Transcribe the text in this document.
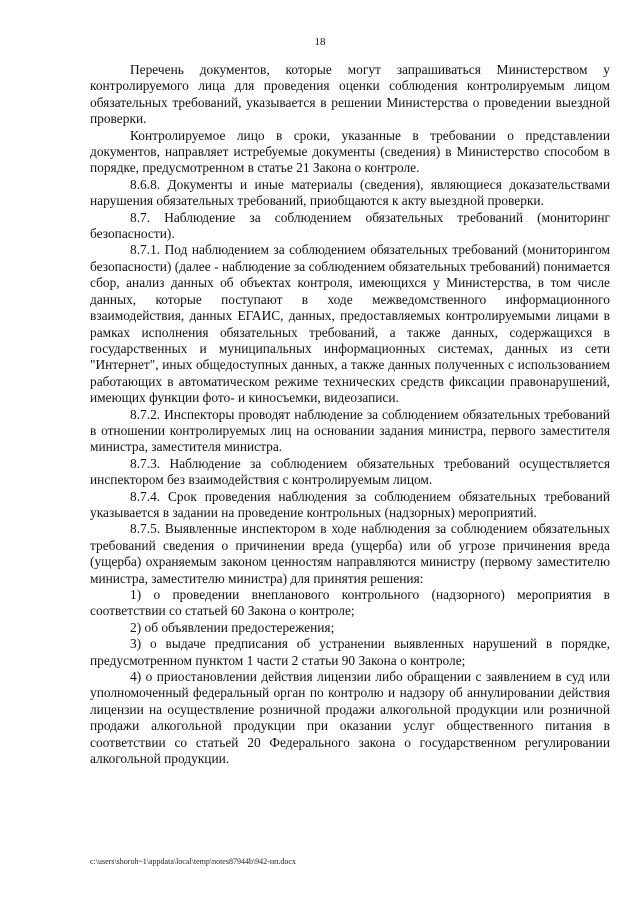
18

Перечень документов, которые могут запрашиваться Министерством у контролируемого лица для проведения оценки соблюдения контролируемым лицом обязательных требований, указывается в решении Министерства о проведении выездной проверки.

Контролируемое лицо в сроки, указанные в требовании о представлении документов, направляет истребуемые документы (сведения) в Министерство способом в порядке, предусмотренном в статье 21 Закона о контроле.

8.6.8. Документы и иные материалы (сведения), являющиеся доказательствами нарушения обязательных требований, приобщаются к акту выездной проверки.

8.7. Наблюдение за соблюдением обязательных требований (мониторинг безопасности).

8.7.1. Под наблюдением за соблюдением обязательных требований (мониторингом безопасности) (далее - наблюдение за соблюдением обязательных требований) понимается сбор, анализ данных об объектах контроля, имеющихся у Министерства, в том числе данных, которые поступают в ходе межведомственного информационного взаимодействия, данных ЕГАИС, данных, предоставляемых контролируемыми лицами в рамках исполнения обязательных требований, а также данных, содержащихся в государственных и муниципальных информационных системах, данных из сети "Интернет", иных общедоступных данных, а также данных полученных с использованием работающих в автоматическом режиме технических средств фиксации правонарушений, имеющих функции фото- и киносъемки, видеозаписи.

8.7.2. Инспекторы проводят наблюдение за соблюдением обязательных требований в отношении контролируемых лиц на основании задания министра, первого заместителя министра, заместителя министра.

8.7.3. Наблюдение за соблюдением обязательных требований осуществляется инспектором без взаимодействия с контролируемым лицом.

8.7.4. Срок проведения наблюдения за соблюдением обязательных требований указывается в задании на проведение контрольных (надзорных) мероприятий.

8.7.5. Выявленные инспектором в ходе наблюдения за соблюдением обязательных требований сведения о причинении вреда (ущерба) или об угрозе причинения вреда (ущерба) охраняемым законом ценностям направляются министру (первому заместителю министра, заместителю министра) для принятия решения:

1) о проведении внепланового контрольного (надзорного) мероприятия в соответствии со статьей 60 Закона о контроле;

2) об объявлении предостережения;

3) о выдаче предписания об устранении выявленных нарушений в порядке, предусмотренном пунктом 1 части 2 статьи 90 Закона о контроле;

4) о приостановлении действия лицензии либо обращении с заявлением в суд или уполномоченный федеральный орган по контролю и надзору об аннулировании действия лицензии на осуществление розничной продажи алкогольной продукции или розничной продажи алкогольной продукции при оказании услуг общественного питания в соответствии со статьей 20 Федерального закона о государственном регулировании алкогольной продукции.

c:\users\shoroh~1\appdata\local\temp\notes87944b\942-нп.docx
